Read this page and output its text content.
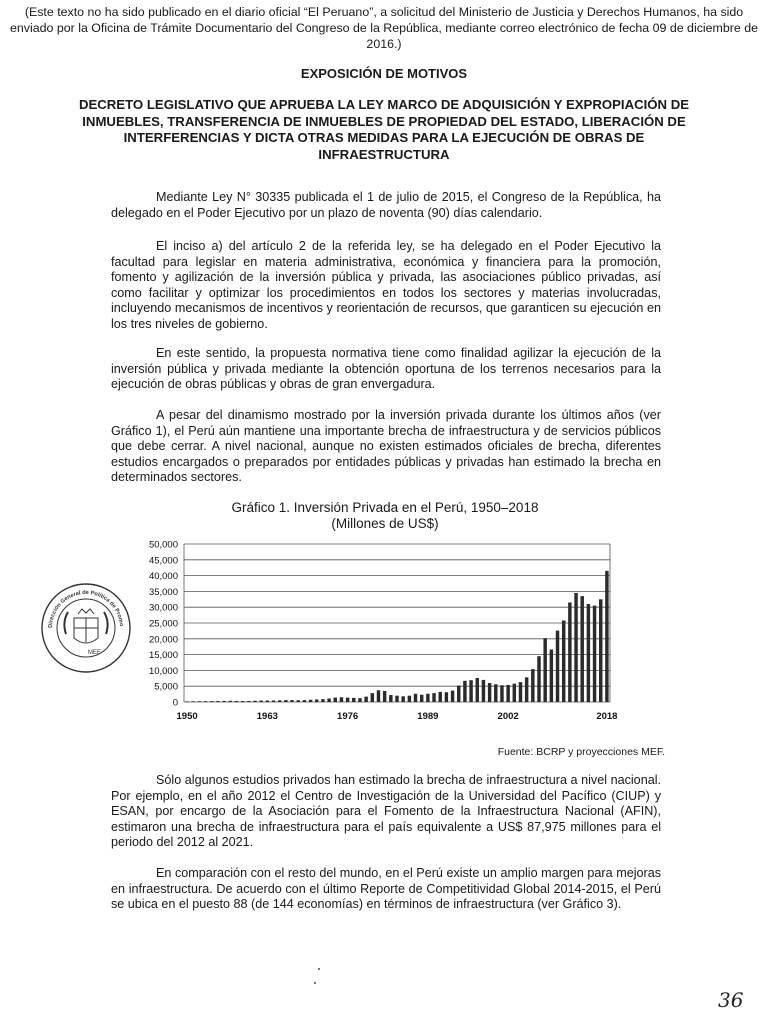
(Este texto no ha sido publicado en el diario oficial “El Peruano”, a solicitud del Ministerio de Justicia y Derechos Humanos, ha sido enviado por la Oficina de Trámite Documentario del Congreso de la República, mediante correo electrónico de fecha 09 de diciembre de 2016.)
EXPOSICIÓN DE MOTIVOS
DECRETO LEGISLATIVO QUE APRUEBA LA LEY MARCO DE ADQUISICIÓN Y EXPROPIACIÓN DE INMUEBLES, TRANSFERENCIA DE INMUEBLES DE PROPIEDAD DEL ESTADO, LIBERACIÓN DE INTERFERENCIAS Y DICTA OTRAS MEDIDAS PARA LA EJECUCIÓN DE OBRAS DE INFRAESTRUCTURA
Mediante Ley N° 30335 publicada el 1 de julio de 2015, el Congreso de la República, ha delegado en el Poder Ejecutivo por un plazo de noventa (90) días calendario.
El inciso a) del artículo 2 de la referida ley, se ha delegado en el Poder Ejecutivo la facultad para legislar en materia administrativa, económica y financiera para la promoción, fomento y agilización de la inversión pública y privada, las asociaciones público privadas, así como facilitar y optimizar los procedimientos en todos los sectores y materias involucradas, incluyendo mecanismos de incentivos y reorientación de recursos, que garanticen su ejecución en los tres niveles de gobierno.
En este sentido, la propuesta normativa tiene como finalidad agilizar la ejecución de la inversión pública y privada mediante la obtención oportuna de los terrenos necesarios para la ejecución de obras públicas y obras de gran envergadura.
A pesar del dinamismo mostrado por la inversión privada durante los últimos años (ver Gráfico 1), el Perú aún mantiene una importante brecha de infraestructura y de servicios públicos que debe cerrar. A nivel nacional, aunque no existen estimados oficiales de brecha, diferentes estudios encargados o preparados por entidades públicas y privadas han estimado la brecha en determinados sectores.
Gráfico 1. Inversión Privada en el Perú, 1950–2018
(Millones de US$)
50,000
45,000
40,000
35,000
30,000
25,000
20,000
15,000
10,000
5,000
0
1950	1963	1976	1989	2002	2018
Fuente: BCRP y proyecciones MEF.
Dirección General de Política de Promo
MEF
Sólo algunos estudios privados han estimado la brecha de infraestructura a nivel nacional. Por ejemplo, en el año 2012 el Centro de Investigación de la Universidad del Pacífico (CIUP) y ESAN, por encargo de la Asociación para el Fomento de la Infraestructura Nacional (AFIN), estimaron una brecha de infraestructura para el país equivalente a US$ 87,975 millones para el periodo del 2012 al 2021.
En comparación con el resto del mundo, en el Perú existe un amplio margen para mejoras en infraestructura. De acuerdo con el último Reporte de Competitividad Global 2014-2015, el Perú se ubica en el puesto 88 (de 144 economías) en términos de infraestructura (ver Gráfico 3).
36
